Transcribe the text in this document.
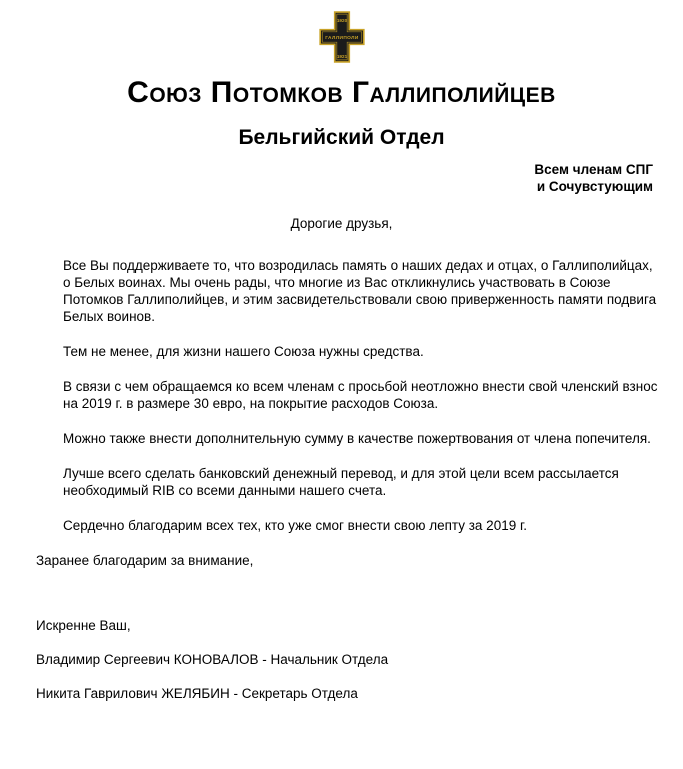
1920
ГАЛЛИПОЛИ
1921
Союз Потомков Галлиполийцев
Бельгийский Отдел
Всем членам СПГ
и Сочувстующим
Дорогие друзья,

Все Вы поддерживаете то, что возродилась память о наших дедах и отцах, о Галлиполийцах, о Белых воинах. Мы очень рады, что многие из Вас откликнулись участвовать в Союзе Потомков Галлиполийцев, и этим засвидетельствовали свою приверженность памяти подвига Белых воинов.

Тем не менее, для жизни нашего Союза нужны средства.

В связи с чем обращаемся ко всем членам с просьбой неотложно внести свой членский взнос на 2019 г. в размере 30 евро, на покрытие расходов Союза.

Можно также внести дополнительную сумму в качестве пожертвования от члена попечителя.

Лучше всего сделать банковский денежный перевод, и для этой цели всем рассылается необходимый RIB со всеми данными нашего счета.

Сердечно благодарим всех тех, кто уже смог внести свою лепту за 2019 г.

Заранее благодарим за внимание,
Искренне Ваш,
Владимир Сергеевич КОНОВАЛОВ - Начальник Отдела
Никита Гаврилович ЖЕЛЯБИН - Секретарь Отдела
